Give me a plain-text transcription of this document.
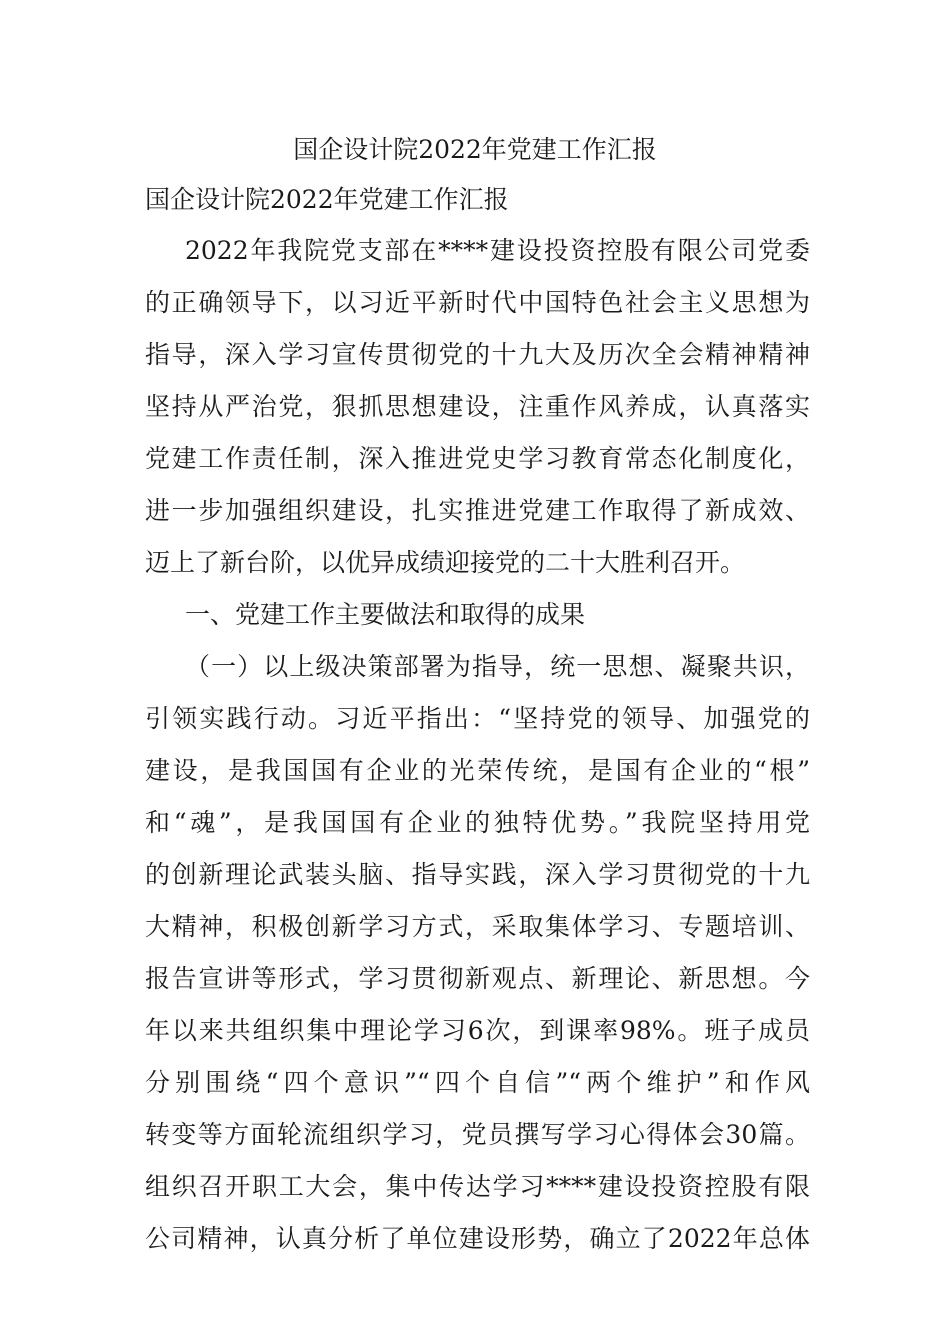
国企设计院2022年党建工作汇报
国企设计院2022年党建工作汇报
2022年我院党支部在****建设投资控股有限公司党委
的正确领导下，以习近平新时代中国特色社会主义思想为
指导，深入学习宣传贯彻党的十九大及历次全会精神精神
坚持从严治党，狠抓思想建设，注重作风养成，认真落实
党建工作责任制，深入推进党史学习教育常态化制度化，
进一步加强组织建设，扎实推进党建工作取得了新成效、
迈上了新台阶，以优异成绩迎接党的二十大胜利召开。
一、党建工作主要做法和取得的成果
（一）以上级决策部署为指导，统一思想、凝聚共识，
引领实践行动。习近平指出：“坚持党的领导、加强党的
建设，是我国国有企业的光荣传统，是国有企业的“根”
和“魂”，是我国国有企业的独特优势。”我院坚持用党
的创新理论武装头脑、指导实践，深入学习贯彻党的十九
大精神，积极创新学习方式，采取集体学习、专题培训、
报告宣讲等形式，学习贯彻新观点、新理论、新思想。今
年以来共组织集中理论学习6次，到课率98%。班子成员
分别围绕“四个意识”“四个自信”“两个维护”和作风
转变等方面轮流组织学习，党员撰写学习心得体会30篇。
组织召开职工大会，集中传达学习****建设投资控股有限
公司精神，认真分析了单位建设形势，确立了2022年总体
